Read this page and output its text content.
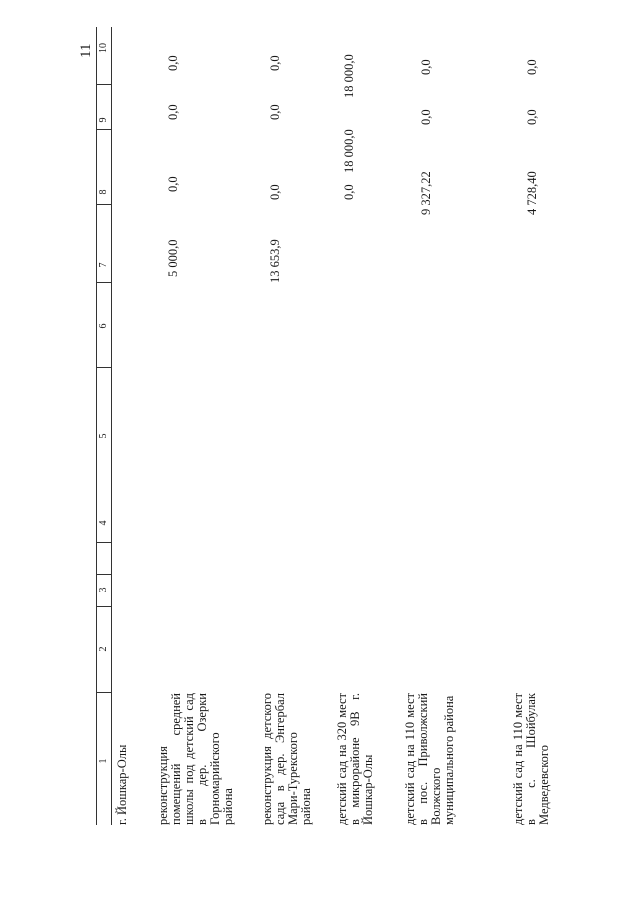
11
1
2
3
4
5
6
7
8
9
10
г. Йошкар-Олы реконструкция помещений средней школы под детский сад в дер. Озерки Горномарийского района
5 000,0
0,0
0,0
0,0
реконструкция детского сада в дер. Энгербал Мари-Турекского района
13 653,9
0,0
0,0
0,0
детский сад на 320 мест в микрорайоне 9В г. Йошкар-Олы
0,0
18 000,0
18 000,0
детский сад на 110 мест в пос. Приволжский Волжского муниципального района
9 327,22
0,0
0,0
детский сад на 110 мест в с. Шойбулак Медведевского
4 728,40
0,0
0,0
